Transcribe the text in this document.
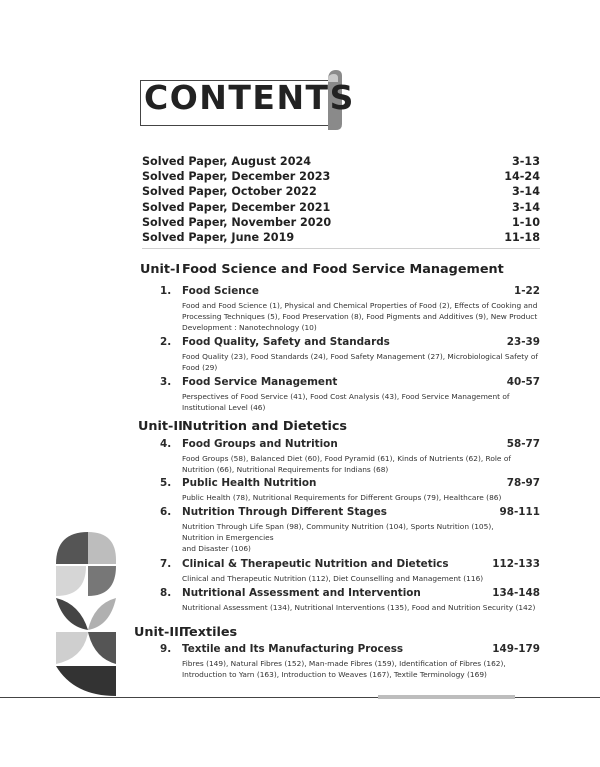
CONTENTS
Solved Paper, August 2024	3-13
Solved Paper, December 2023	14-24
Solved Paper, October 2022	3-14
Solved Paper, December 2021	3-14
Solved Paper, November 2020	1-10
Solved Paper, June 2019	11-18
Unit-I Food Science and Food Service Management
1.	Food Science	1-22
Food and Food Science (1), Physical and Chemical Properties of Food (2), Effects of Cooking and Processing Techniques (5), Food Preservation (8), Food Pigments and Additives (9), New Product Development : Nanotechnology (10)
2.	Food Quality, Safety and Standards	23-39
Food Quality (23), Food Standards (24), Food Safety Management (27), Microbiological Safety of Food (29)
3.	Food Service Management	40-57
Perspectives of Food Service (41), Food Cost Analysis (43), Food Service Management of Institutional Level (46)
Unit-II Nutrition and Dietetics
4.	Food Groups and Nutrition	58-77
Food Groups (58), Balanced Diet (60), Food Pyramid (61), Kinds of Nutrients (62), Role of Nutrition (66), Nutritional Requirements for Indians (68)
5.	Public Health Nutrition	78-97
Public Health (78), Nutritional Requirements for Different Groups (79), Healthcare (86)
6.	Nutrition Through Different Stages	98-111
Nutrition Through Life Span (98), Community Nutrition (104), Sports Nutrition (105), Nutrition in Emergencies
and Disaster (106)
7.	Clinical & Therapeutic Nutrition and Dietetics	112-133
Clinical and Therapeutic Nutrition (112), Diet Counselling and Management (116)
8.	Nutritional Assessment and Intervention	134-148
Nutritional Assessment (134), Nutritional Interventions (135), Food and Nutrition Security (142)
Unit-III
Textiles
9.	Textile and Its Manufacturing Process	149-179
Fibres (149), Natural Fibres (152), Man-made Fibres (159), Identification of Fibres (162), Introduction to Yarn (163), Introduction to Weaves (167), Textile Terminology (169)
